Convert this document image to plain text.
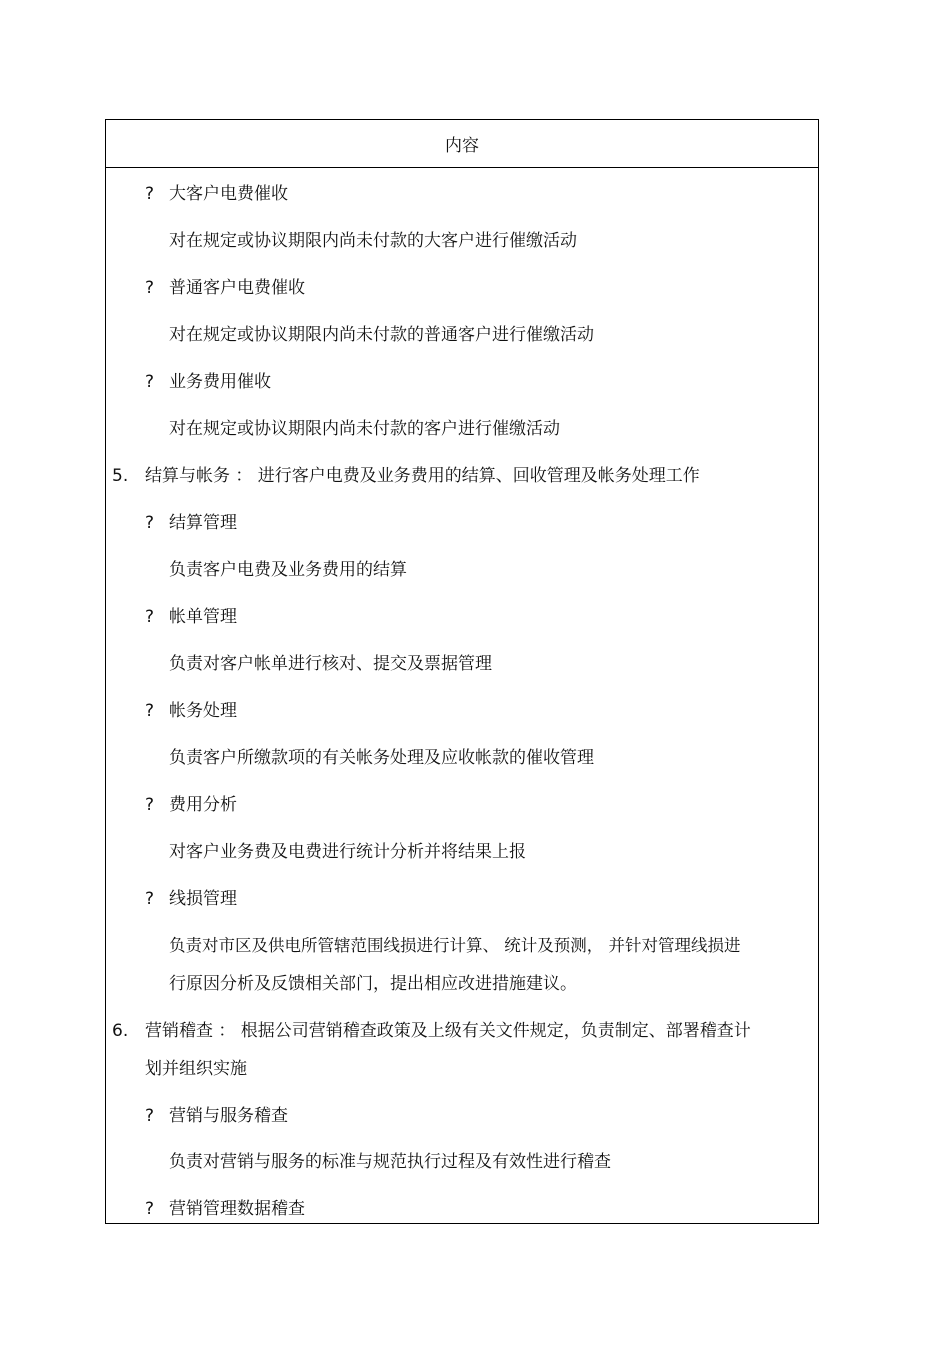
内容
? 大客户电费催收
对在规定或协议期限内尚未付款的大客户进行催缴活动
? 普通客户电费催收
对在规定或协议期限内尚未付款的普通客户进行催缴活动
? 业务费用催收
对在规定或协议期限内尚未付款的客户进行催缴活动
5. 结算与帐务 ： 进行客户电费及业务费用的结算、回收管理及帐务处理工作
? 结算管理
负责客户电费及业务费用的结算
? 帐单管理
负责对客户帐单进行核对、提交及票据管理
? 帐务处理
负责客户所缴款项的有关帐务处理及应收帐款的催收管理
? 费用分析
对客户业务费及电费进行统计分析并将结果上报
? 线损管理
负责对市区及供电所管辖范围线损进行计算、 统计及预测， 并针对管理线损进
行原因分析及反馈相关部门，提出相应改进措施建议。
6. 营销稽查 ： 根据公司营销稽查政策及上级有关文件规定，负责制定、部署稽查计
划并组织实施
? 营销与服务稽查
负责对营销与服务的标准与规范执行过程及有效性进行稽查
? 营销管理数据稽查
